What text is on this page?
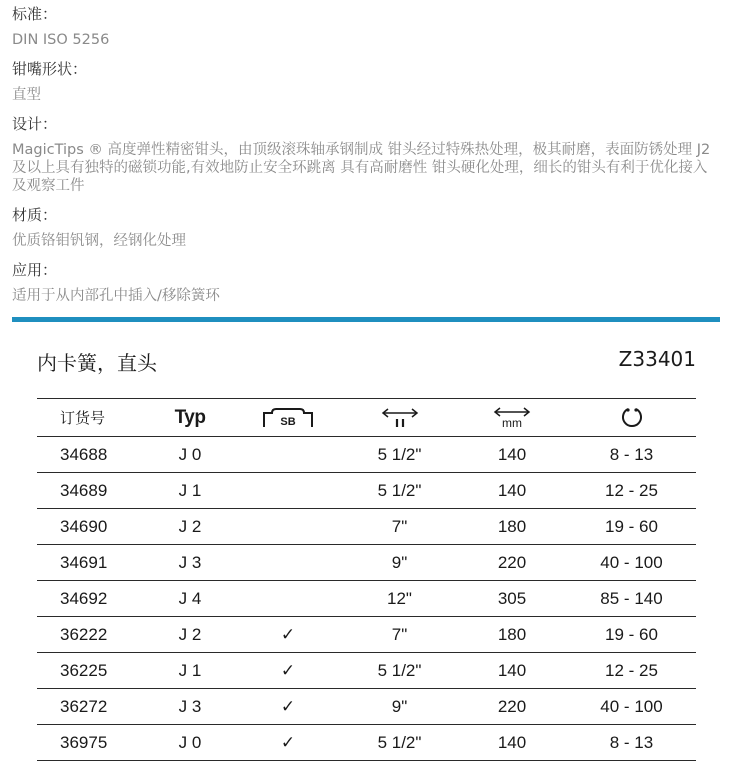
标准：
DIN ISO 5256
钳嘴形状：
直型
设计：
MagicTips ® 高度弹性精密钳头，由顶级滚珠轴承钢制成 钳头经过特殊热处理，极其耐磨，表面防锈处理 J2及以上具有独特的磁锁功能,有效地防止安全环跳离 具有高耐磨性 钳头硬化处理，细长的钳头有利于优化接入及观察工件
材质：
优质铬钼钒钢，经钢化处理
应用：
适用于从内部孔中插入/移除簧环
内卡簧，直头	Z33401
订货号	Typ	SB		mm

34688	J 0		5 1/2"	140	8 - 13
34689	J 1		5 1/2"	140	12 - 25
34690	J 2		7"	180	19 - 60
34691	J 3		9"	220	40 - 100
34692	J 4		12"	305	85 - 140
36222	J 2	✓	7"	180	19 - 60
36225	J 1	✓	5 1/2"	140	12 - 25
36272	J 3	✓	9"	220	40 - 100
36975	J 0	✓	5 1/2"	140	8 - 13
